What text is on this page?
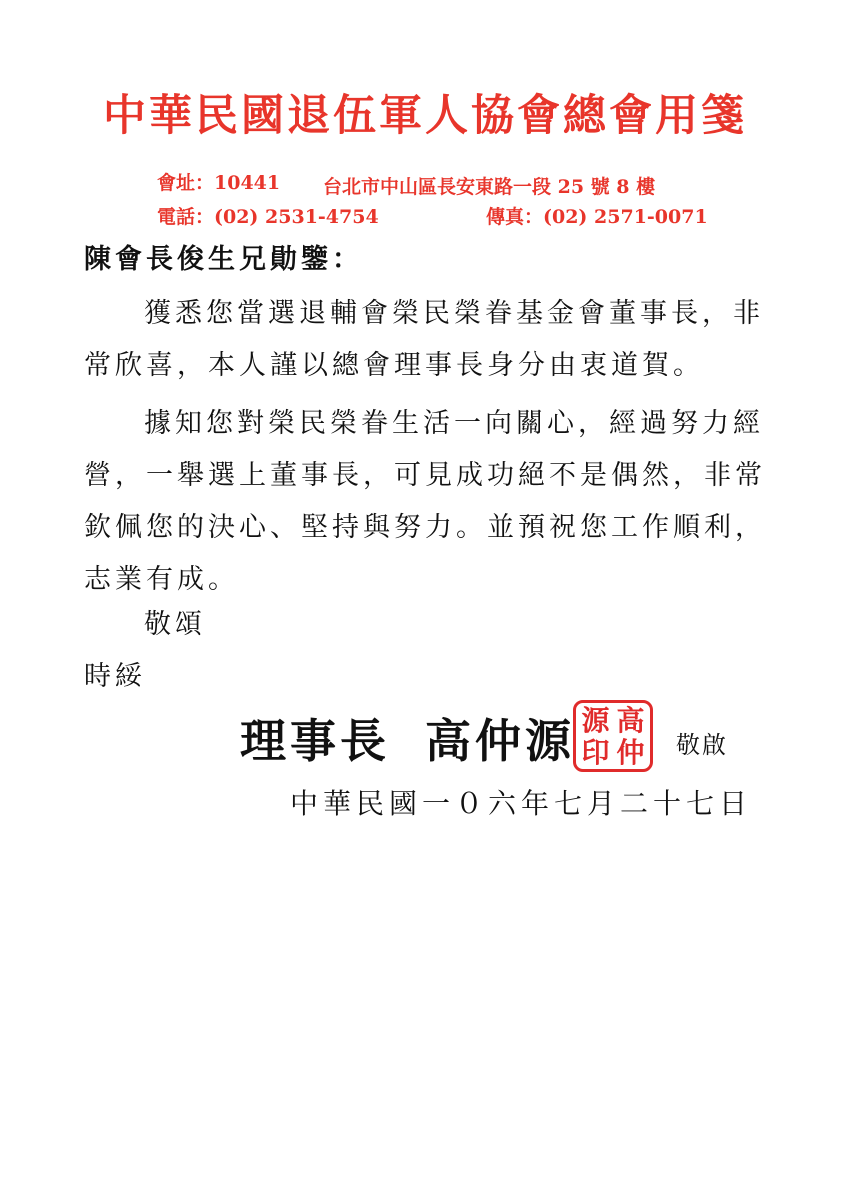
中華民國退伍軍人協會總會用箋
會址：10441 台北市中山區長安東路一段 25 號 8 樓
電話：(02) 2531-4754	傳真：(02) 2571-0071
陳會長俊生兄勛鑒：
獲悉您當選退輔會榮民榮眷基金會董事長，非
常欣喜，本人謹以總會理事長身分由衷道賀。
據知您對榮民榮眷生活一向關心，經過努力經
營，一舉選上董事長，可見成功絕不是偶然，非常
欽佩您的決心、堅持與努力。並預祝您工作順利，
志業有成。
敬頌
時綏
理事長 高仲源 源 高
印 仲 敬啟
中華民國一０六年七月二十七日
